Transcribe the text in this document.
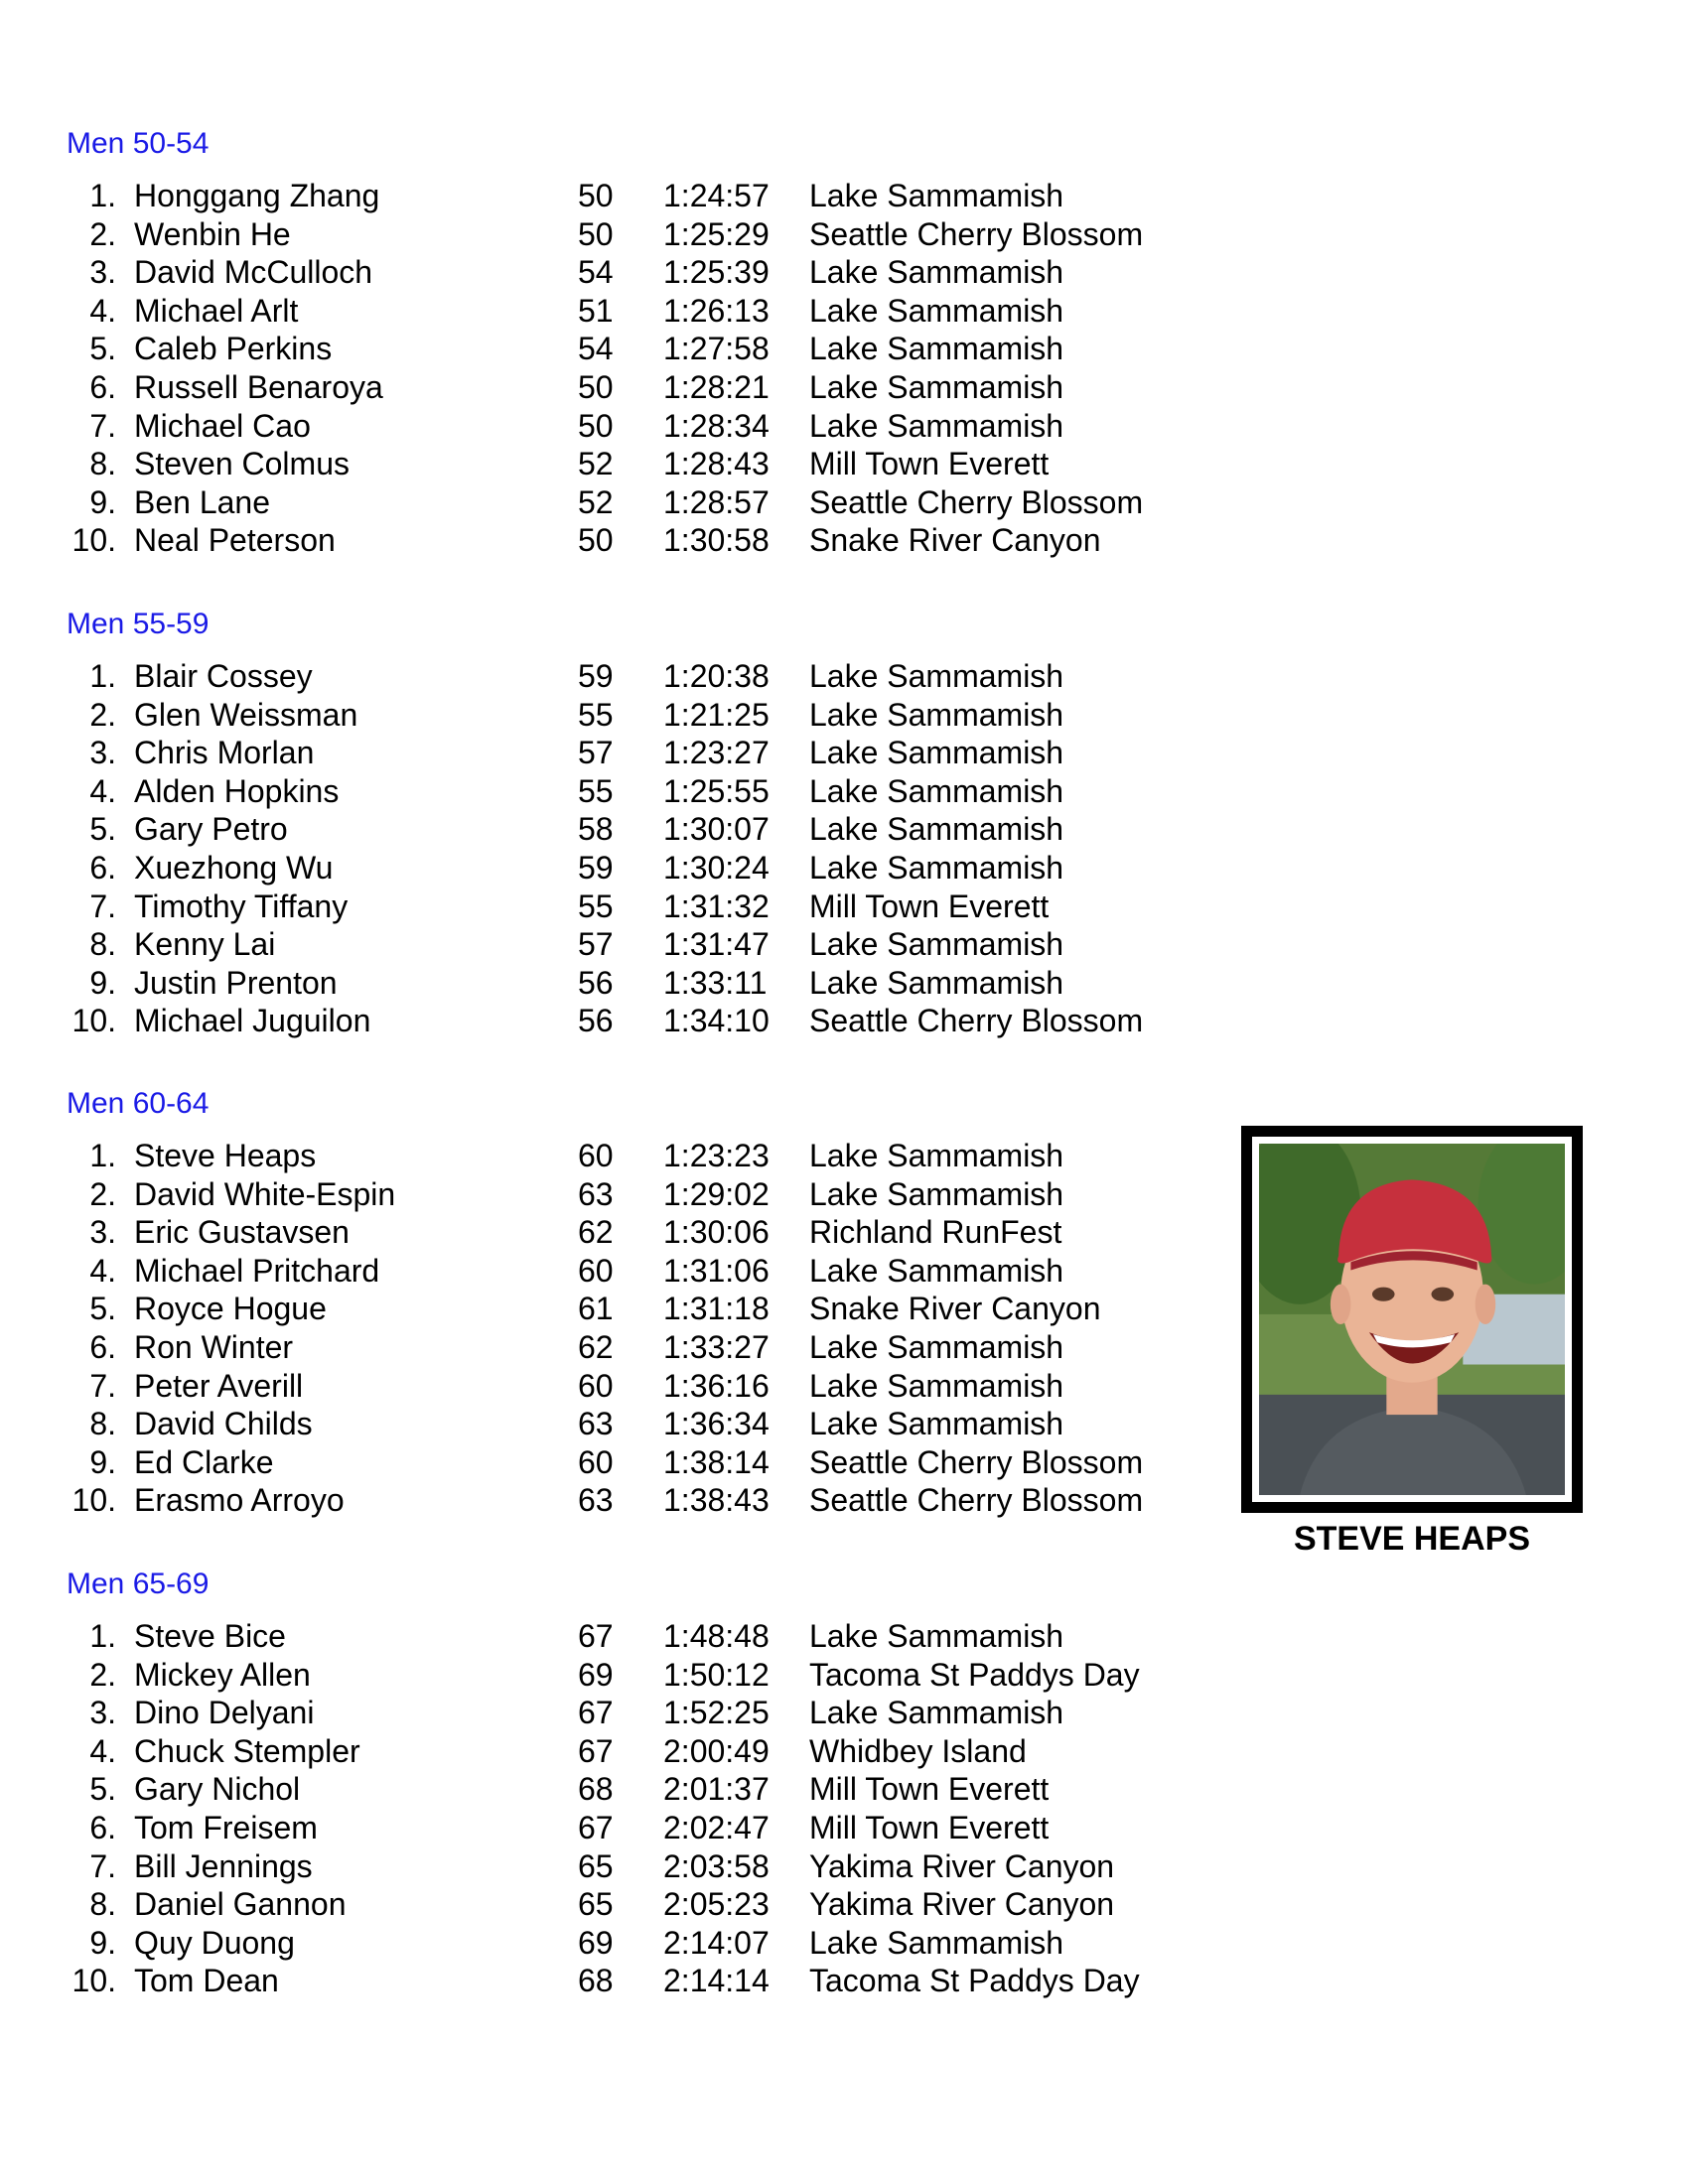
Men 50-54
1. Honggang Zhang	50 1:24:57 Lake Sammamish
2. Wenbin He	50 1:25:29 Seattle Cherry Blossom
3. David McCulloch	54 1:25:39 Lake Sammamish
4. Michael Arlt	51 1:26:13 Lake Sammamish
5. Caleb Perkins	54 1:27:58 Lake Sammamish
6. Russell Benaroya	50 1:28:21 Lake Sammamish
7. Michael Cao	50 1:28:34 Lake Sammamish
8. Steven Colmus	52 1:28:43 Mill Town Everett
9. Ben Lane	52 1:28:57 Seattle Cherry Blossom
10. Neal Peterson	50 1:30:58 Snake River Canyon
Men 55-59
1. Blair Cossey	59 1:20:38 Lake Sammamish
2. Glen Weissman	55 1:21:25 Lake Sammamish
3. Chris Morlan	57 1:23:27 Lake Sammamish
4. Alden Hopkins	55 1:25:55 Lake Sammamish
5. Gary Petro	58 1:30:07 Lake Sammamish
6. Xuezhong Wu	59 1:30:24 Lake Sammamish
7. Timothy Tiffany	55 1:31:32 Mill Town Everett
8. Kenny Lai	57 1:31:47 Lake Sammamish
9. Justin Prenton	56 1:33:11 Lake Sammamish
10. Michael Juguilon	56 1:34:10 Seattle Cherry Blossom
Men 60-64
1. Steve Heaps	60 1:23:23 Lake Sammamish
2. David White-Espin	63 1:29:02 Lake Sammamish
3. Eric Gustavsen	62 1:30:06 Richland RunFest
4. Michael Pritchard	60 1:31:06 Lake Sammamish
5. Royce Hogue	61 1:31:18 Snake River Canyon
6. Ron Winter	62 1:33:27 Lake Sammamish
7. Peter Averill	60 1:36:16 Lake Sammamish
8. David Childs	63 1:36:34 Lake Sammamish
9. Ed Clarke	60 1:38:14 Seattle Cherry Blossom
10. Erasmo Arroyo	63 1:38:43 Seattle Cherry Blossom
Men 65-69
1. Steve Bice	67 1:48:48 Lake Sammamish
2. Mickey Allen	69 1:50:12 Tacoma St Paddys Day
3. Dino Delyani	67 1:52:25 Lake Sammamish
4. Chuck Stempler	67 2:00:49 Whidbey Island
5. Gary Nichol	68 2:01:37 Mill Town Everett
6. Tom Freisem	67 2:02:47 Mill Town Everett
7. Bill Jennings	65 2:03:58 Yakima River Canyon
8. Daniel Gannon	65 2:05:23 Yakima River Canyon
9. Quy Duong	69 2:14:07 Lake Sammamish
10. Tom Dean	68 2:14:14 Tacoma St Paddys Day
STEVE HEAPS
